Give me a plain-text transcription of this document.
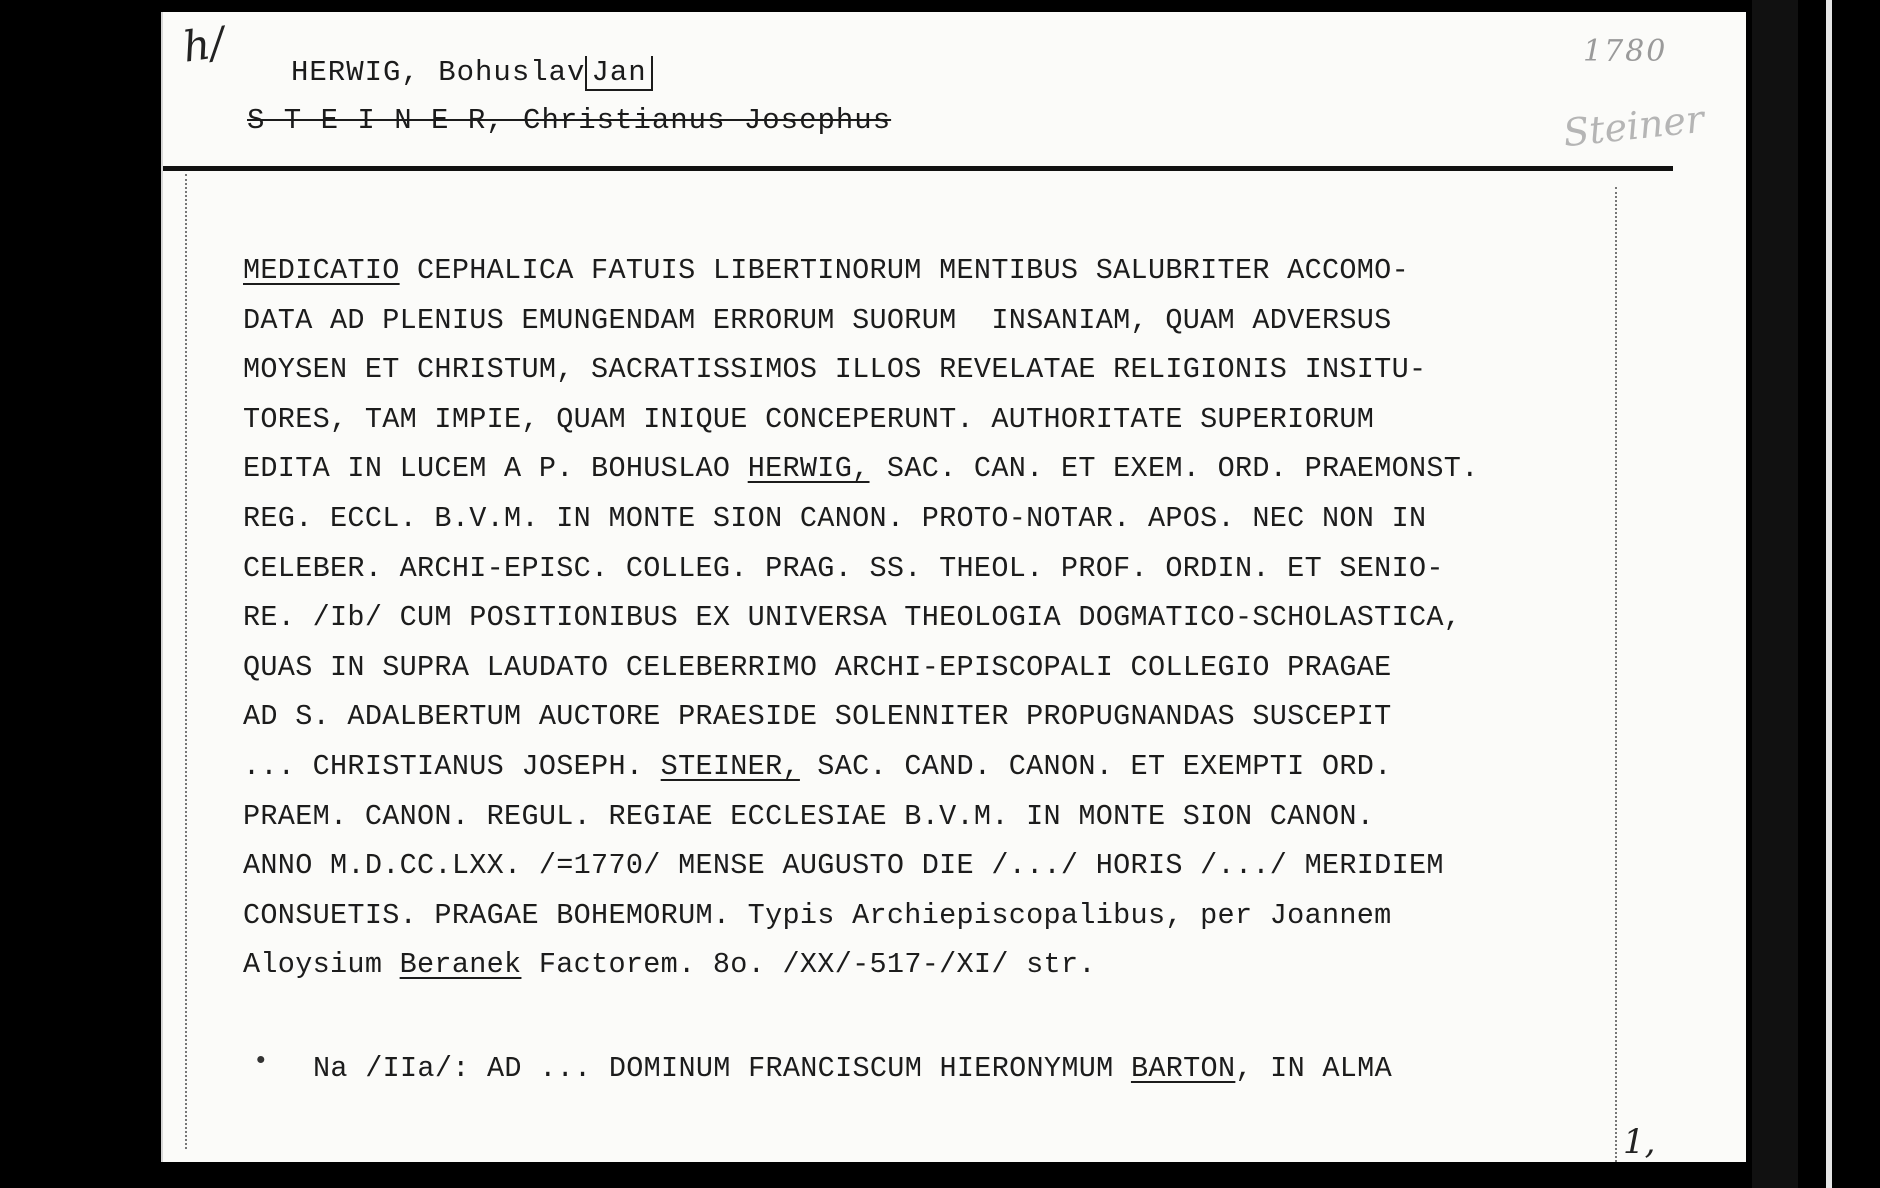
h/
HERWIG, Bohuslav Jan
S T E I N E R, Christianus Josephus
1780
Steiner
MEDICATIO CEPHALICA FATUIS LIBERTINORUM MENTIBUS SALUBRITER ACCOMO-
DATA AD PLENIUS EMUNGENDAM ERRORUM SUORUM  INSANIAM, QUAM ADVERSUS
MOYSEN ET CHRISTUM, SACRATISSIMOS ILLOS REVELATAE RELIGIONIS INSITU-
TORES, TAM IMPIE, QUAM INIQUE CONCEPERUNT. AUTHORITATE SUPERIORUM
EDITA IN LUCEM A P. BOHUSLAO HERWIG, SAC. CAN. ET EXEM. ORD. PRAEMONST.
REG. ECCL. B.V.M. IN MONTE SION CANON. PROTO-NOTAR. APOS. NEC NON IN
CELEBER. ARCHI-EPISC. COLLEG. PRAG. SS. THEOL. PROF. ORDIN. ET SENIO-
RE. /Ib/ CUM POSITIONIBUS EX UNIVERSA THEOLOGIA DOGMATICO-SCHOLASTICA,
QUAS IN SUPRA LAUDATO CELEBERRIMO ARCHI-EPISCOPALI COLLEGIO PRAGAE
AD S. ADALBERTUM AUCTORE PRAESIDE SOLENNITER PROPUGNANDAS SUSCEPIT
... CHRISTIANUS JOSEPH. STEINER, SAC. CAND. CANON. ET EXEMPTI ORD.
PRAEM. CANON. REGUL. REGIAE ECCLESIAE B.V.M. IN MONTE SION CANON.
ANNO M.D.CC.LXX. /=1770/ MENSE AUGUSTO DIE /.../ HORIS /.../ MERIDIEM
CONSUETIS. PRAGAE BOHEMORUM. Typis Archiepiscopalibus, per Joannem
Aloysium Beranek Factorem. 8o. /XX/-517-/XI/ str.
• Na /IIa/: AD ... DOMINUM FRANCISCUM HIERONYMUM BARTON, IN ALMA
1,
